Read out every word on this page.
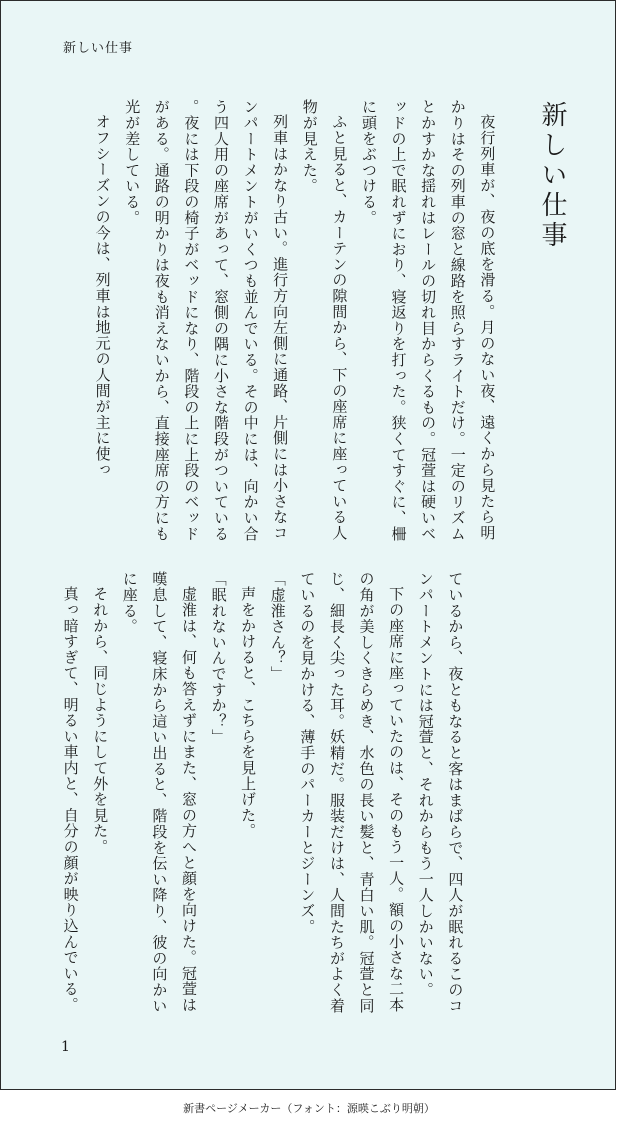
新しい仕事
新しい仕事
夜行列車が、夜の底を滑る。月のない夜、遠くから見たら明かりはその列車の窓と線路を照らすライトだけ。一定のリズムとかすかな揺れはレールの切れ目からくるもの。冠萱は硬いベッドの上で眠れずにおり、寝返りを打った。狭くてすぐに、柵に頭をぶつける。
ふと見ると、カーテンの隙間から、下の座席に座っている人物が見えた。
列車はかなり古い。進行方向左側に通路、片側には小さなコンパートメントがいくつも並んでいる。その中には、向かい合う四人用の座席があって、窓側の隅に小さな階段がついている。夜には下段の椅子がベッドになり、階段の上に上段のベッドがある。通路の明かりは夜も消えないから、直接座席の方にも光が差している。
オフシーズンの今は、列車は地元の人間が主に使っ
ているから、夜ともなると客はまばらで、四人が眠れるこのコンパートメントには冠萱と、それからもう一人しかいない。
下の座席に座っていたのは、そのもう一人。額の小さな二本の角が美しくきらめき、水色の長い髪と、青白い肌。冠萱と同じ、細長く尖った耳。妖精だ。服装だけは、人間たちがよく着ているのを見かける、薄手のパーカーとジーンズ。
「虚淮さん？」
声をかけると、こちらを見上げた。
「眠れないんですか？」
虚淮は、何も答えずにまた、窓の方へと顔を向けた。冠萱は嘆息して、寝床から這い出ると、階段を伝い降り、彼の向かいに座る。
それから、同じようにして外を見た。
真っ暗すぎて、明るい車内と、自分の顔が映り込んでいる。
1
新書ページメーカー（フォント：源暎こぶり明朝）
